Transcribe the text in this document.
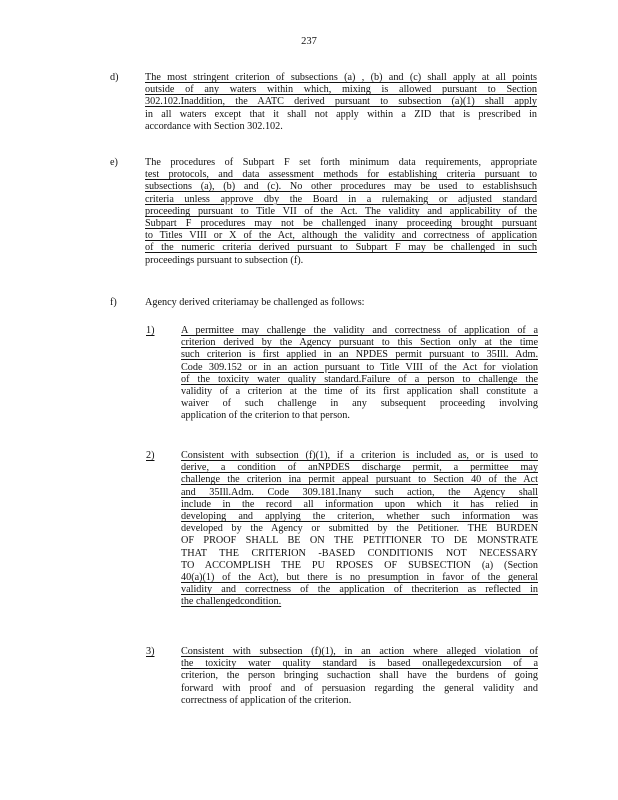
237
d)	The most stringent criterion of subsections (a) , (b) and (c) shall apply at all points
outside of any waters within which, mixing is allowed pursuant to Section
302.102.Inaddition, the AATC derived pursuant to subsection (a)(1) shall apply
in all waters except that it shall not apply within a ZID that is prescribed in
accordance with Section 302.102.
e)	The procedures of Subpart F set forth minimum data requirements, appropriate
test protocols, and data assessment methods for establishing criteria pursuant to
subsections (a), (b) and (c). No other procedures may be used to establishsuch
criteria unless approve dby the Board in a rulemaking or adjusted standard
proceeding pursuant to Title VII of the Act. The validity and applicability of the
Subpart F procedures may not be challenged inany proceeding brought pursuant
to Titles VIII or X of the Act, although the validity and correctness of application
of the numeric criteria derived pursuant to Subpart F may be challenged in such
proceedings pursuant to subsection (f).
f)	Agency derived criteriamay be challenged as follows:
1)	A permittee may challenge the validity and correctness of application of a
criterion derived by the Agency pursuant to this Section only at the time
such criterion is first applied in an NPDES permit pursuant to 35Ill. Adm.
Code 309.152 or in an action pursuant to Title VIII of the Act for violation
of the toxicity water quality standard.Failure of a person to challenge the
validity of a criterion at the time of its first application shall constitute a
waiver of such challenge in any subsequent proceeding involving
application of the criterion to that person.
2)	Consistent with subsection (f)(1), if a criterion is included as, or is used to
derive, a condition of anNPDES discharge permit, a permittee may
challenge the criterion ina permit appeal pursuant to Section 40 of the Act
and 35Ill.Adm. Code 309.181.Inany such action, the Agency shall
include in the record all information upon which it has relied in
developing and applying the criterion, whether such information was
developed by the Agency or submitted by the Petitioner. THE BURDEN
OF PROOF SHALL BE ON THE PETITIONER TO DE MONSTRATE
THAT THE CRITERION -BASED CONDITIONIS NOT NECESSARY
TO ACCOMPLISH THE PU RPOSES OF SUBSECTION (a) (Section
40(a)(1) of the Act), but there is no presumption in favor of the general
validity and correctness of the application of thecriterion as reflected in
the challengedcondition.
3)	Consistent with subsection (f)(1), in an action where alleged violation of
the toxicity water quality standard is based onallegedexcursion of a
criterion, the person bringing suchaction shall have the burdens of going
forward with proof and of persuasion regarding the general validity and
correctness of application of the criterion.
